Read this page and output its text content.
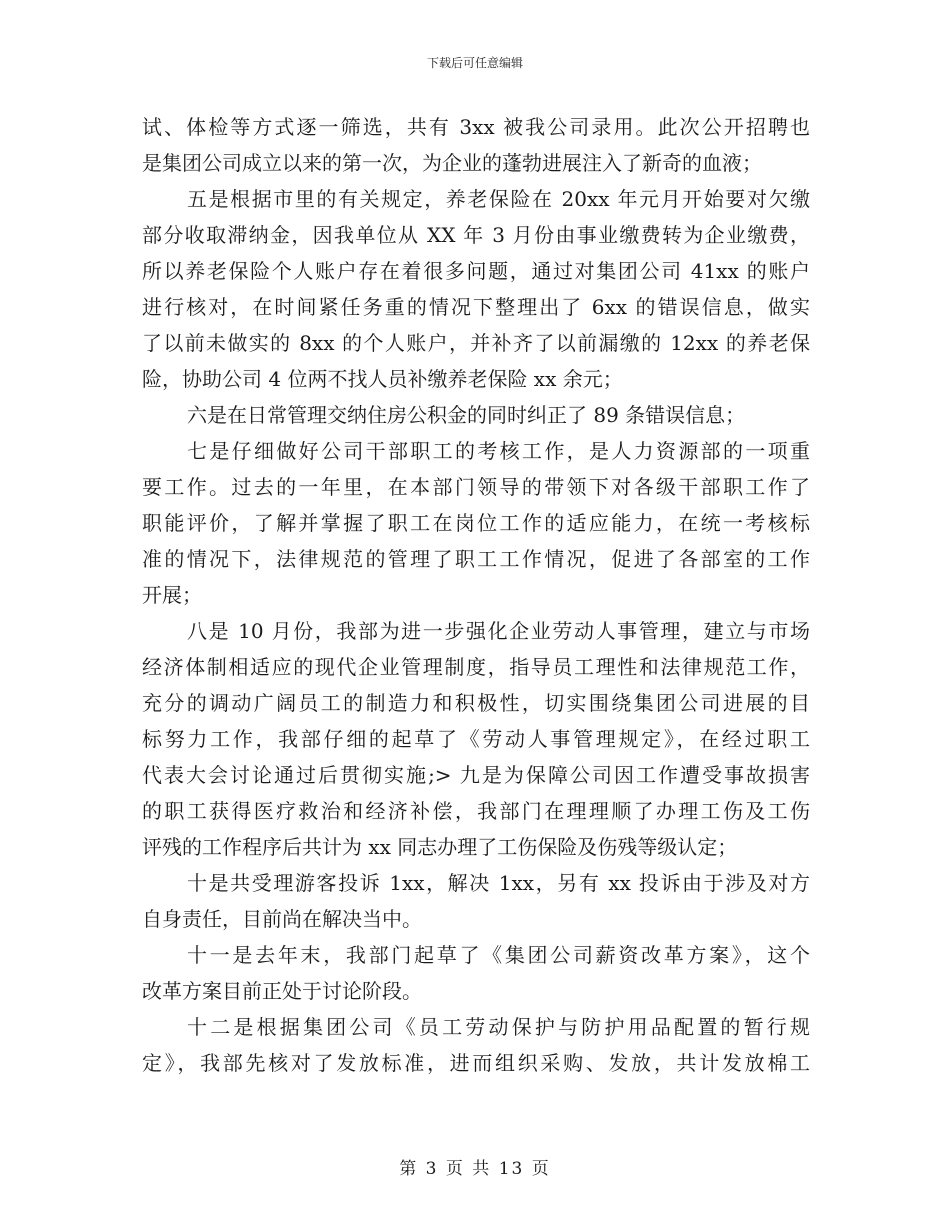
下载后可任意编辑
试、体检等方式逐一筛选，共有 3xx 被我公司录用。此次公开招聘也
是集团公司成立以来的第一次，为企业的蓬勃进展注入了新奇的血液；
五是根据市里的有关规定，养老保险在 20xx 年元月开始要对欠缴
部分收取滞纳金，因我单位从 XX 年 3 月份由事业缴费转为企业缴费，
所以养老保险个人账户存在着很多问题，通过对集团公司 41xx 的账户
进行核对，在时间紧任务重的情况下整理出了 6xx 的错误信息，做实
了以前未做实的 8xx 的个人账户，并补齐了以前漏缴的 12xx 的养老保
险，协助公司 4 位两不找人员补缴养老保险 xx 余元；
六是在日常管理交纳住房公积金的同时纠正了 89 条错误信息；
七是仔细做好公司干部职工的考核工作，是人力资源部的一项重
要工作。过去的一年里，在本部门领导的带领下对各级干部职工作了
职能评价，了解并掌握了职工在岗位工作的适应能力，在统一考核标
准的情况下，法律规范的管理了职工工作情况，促进了各部室的工作
开展；
八是 10 月份，我部为进一步强化企业劳动人事管理，建立与市场
经济体制相适应的现代企业管理制度，指导员工理性和法律规范工作，
充分的调动广阔员工的制造力和积极性，切实围绕集团公司进展的目
标努力工作，我部仔细的起草了《劳动人事管理规定》，在经过职工
代表大会讨论通过后贯彻实施;> 九是为保障公司因工作遭受事故损害
的职工获得医疗救治和经济补偿，我部门在理理顺了办理工伤及工伤
评残的工作程序后共计为 xx 同志办理了工伤保险及伤残等级认定；
十是共受理游客投诉 1xx，解决 1xx，另有 xx 投诉由于涉及对方
自身责任，目前尚在解决当中。
十一是去年末，我部门起草了《集团公司薪资改革方案》，这个
改革方案目前正处于讨论阶段。
十二是根据集团公司《员工劳动保护与防护用品配置的暂行规
定》，我部先核对了发放标准，进而组织采购、发放，共计发放棉工
第 3 页 共 13 页
